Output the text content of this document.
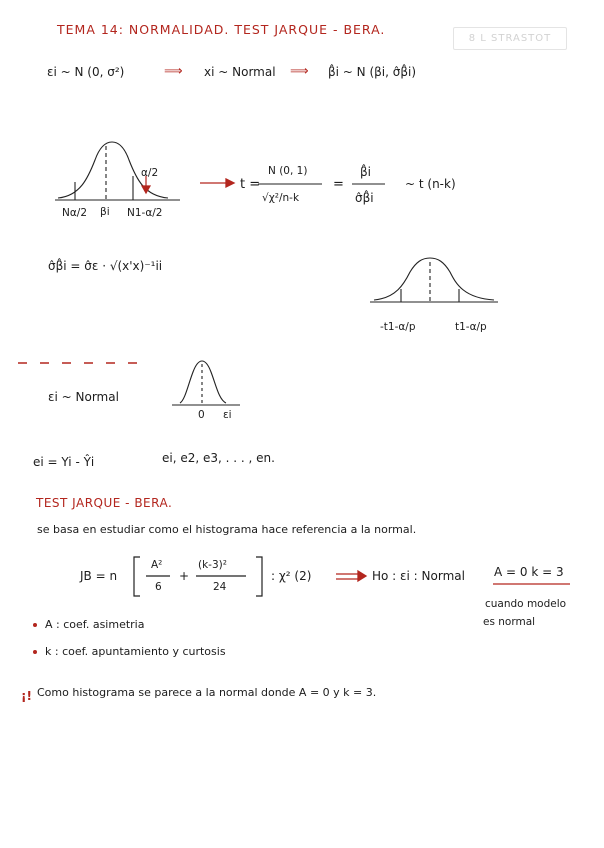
8 L STRASTOT
TEMA 14: NORMALIDAD. TEST JARQUE - BERA.
εi ~ N (0, σ²)	⟹ xi ~ Normal ⟹ β̂i ~ N (βi, σ̂β̂i)
α/2
Nα/2 βi N1-α/2
t =
N (0, 1)
√χ²/n-k
=
β̂i
σ̂β̂i
~ t (n-k)
σ̂β̂i = σ̂ε · √(x'x)⁻¹ii
-t1-α/p	t1-α/p
εi ~ Normal
0 εi
ei = Yi - Ŷi	ei, e2, e3, . . . , en.
TEST JARQUE - BERA.
se basa en estudiar como el histograma hace referencia a la normal.
JB = n
A²
6
+
(k-3)²
24
: χ² (2)	Ho : εi : Normal A = 0 k = 3
cuando modelo
es normal
A : coef. asimetria
k : coef. apuntamiento y curtosis
¡! Como histograma se parece a la normal donde A = 0 y k = 3.
